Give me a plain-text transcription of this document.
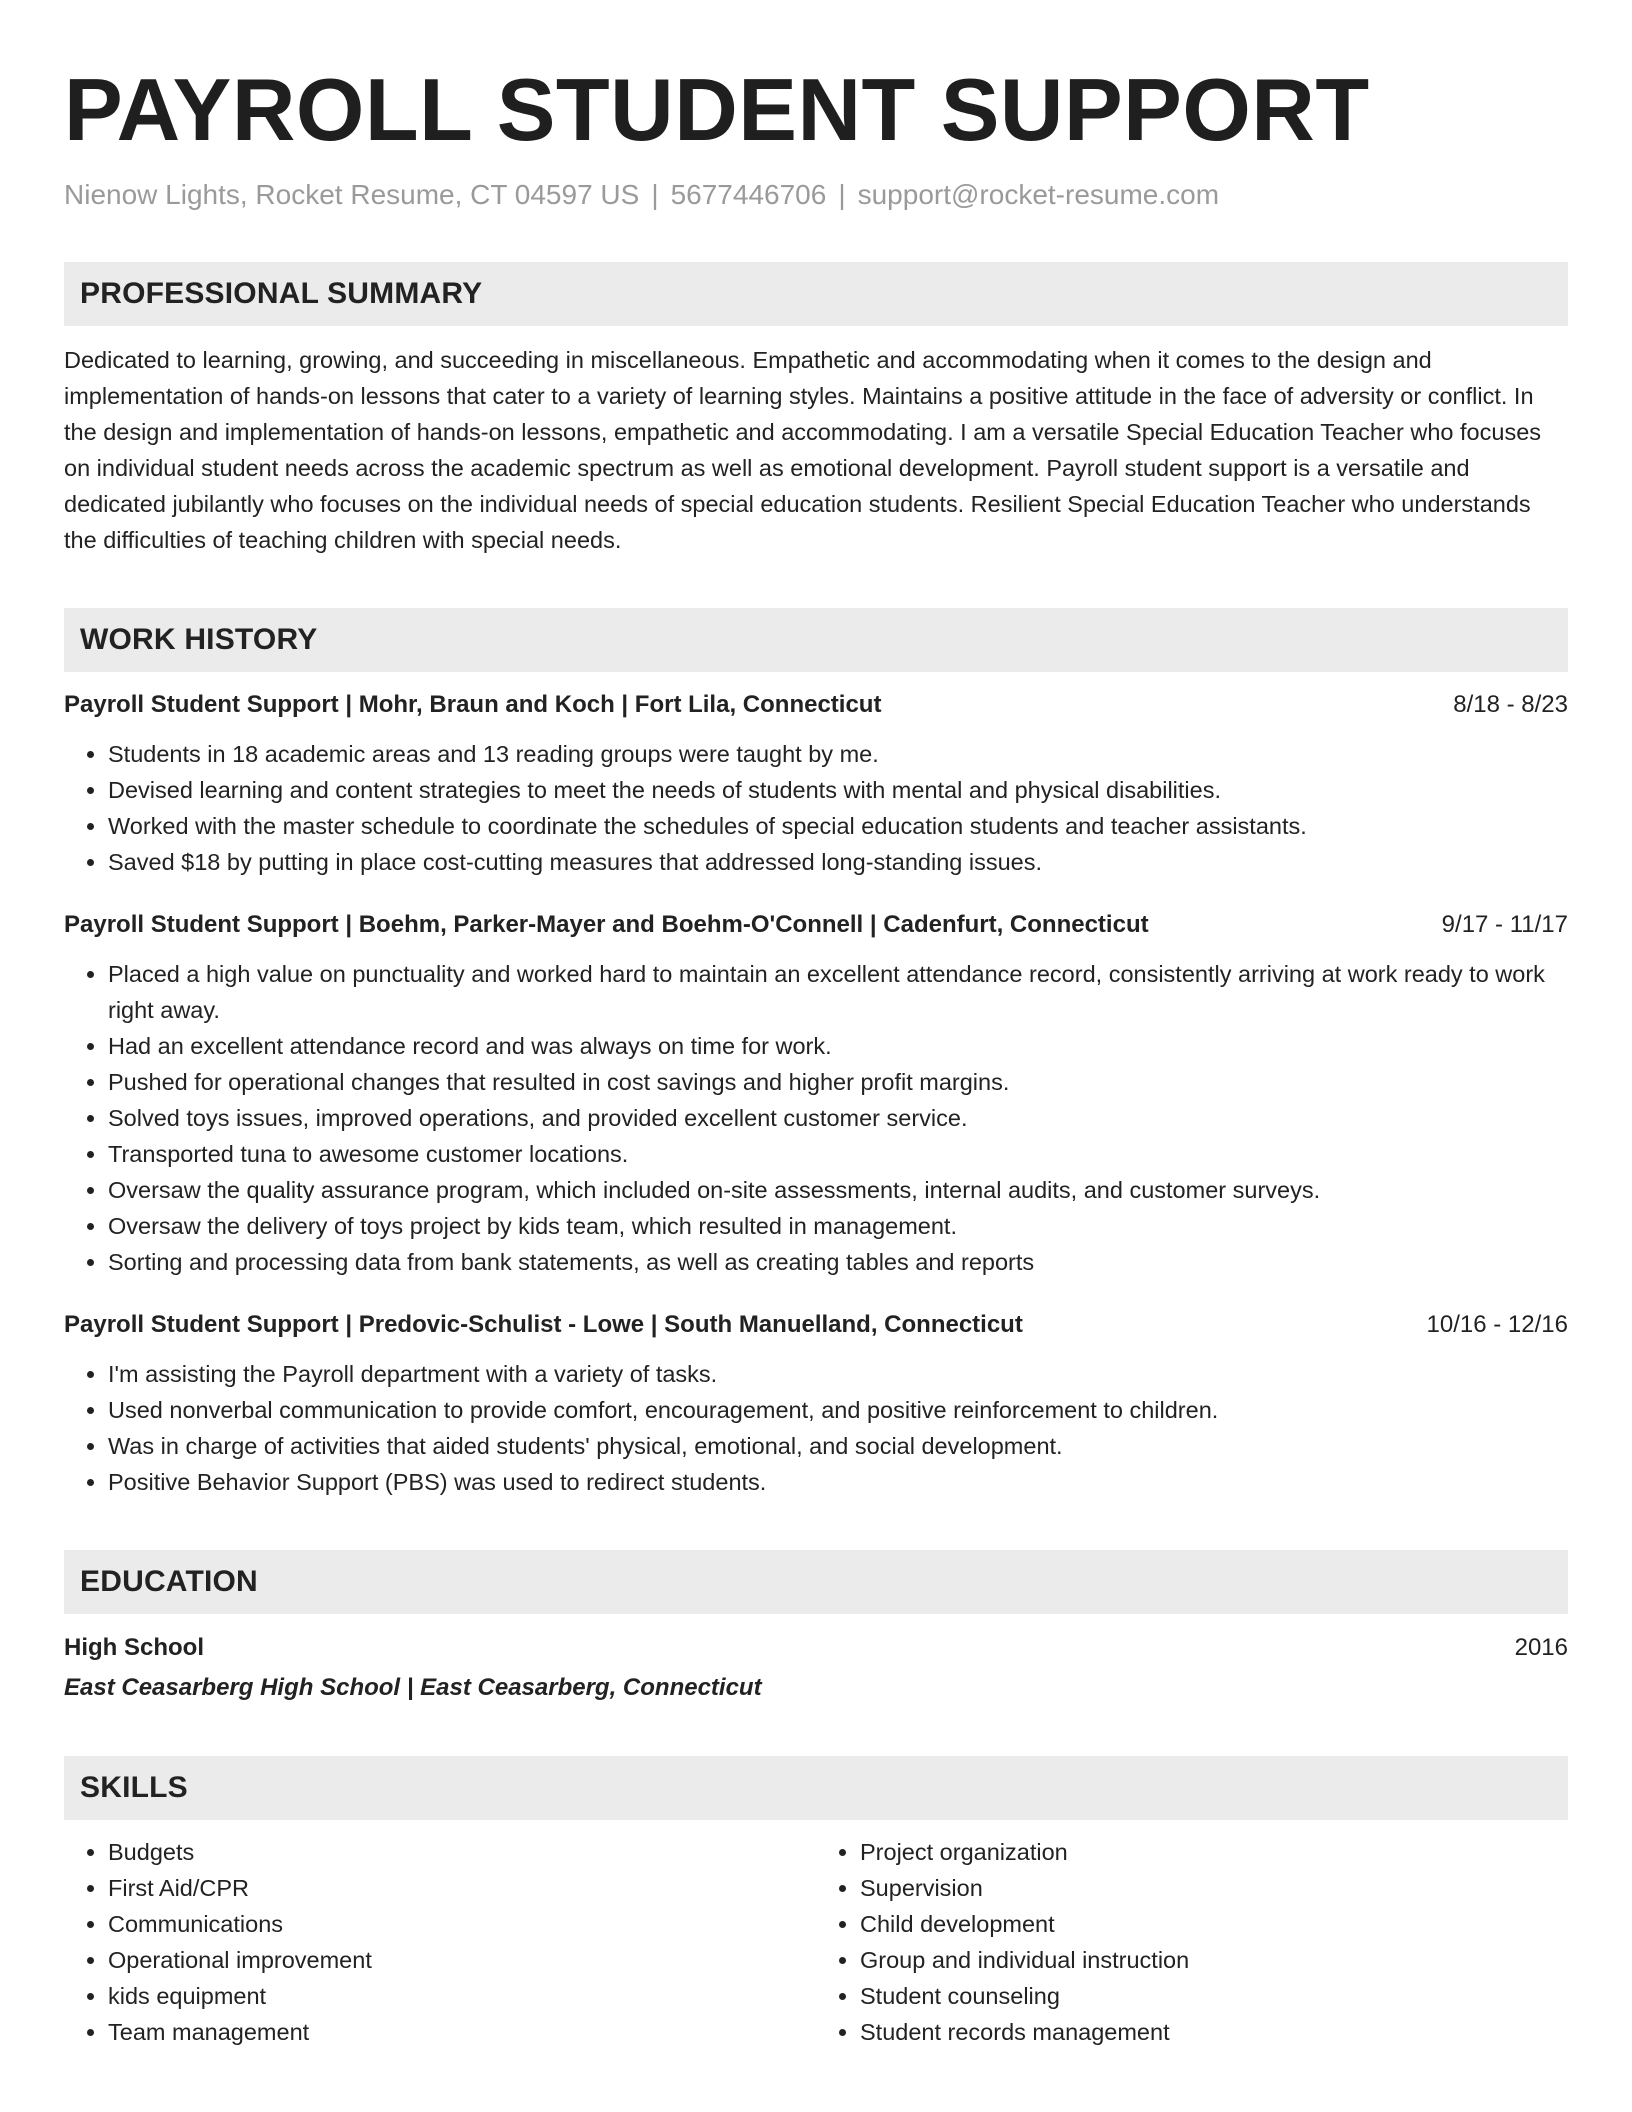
PAYROLL STUDENT SUPPORT
Nienow Lights, Rocket Resume, CT 04597 US | 5677446706 | support@rocket-resume.com
PROFESSIONAL SUMMARY
Dedicated to learning, growing, and succeeding in miscellaneous. Empathetic and accommodating when it comes to the design and implementation of hands-on lessons that cater to a variety of learning styles. Maintains a positive attitude in the face of adversity or conflict. In the design and implementation of hands-on lessons, empathetic and accommodating. I am a versatile Special Education Teacher who focuses on individual student needs across the academic spectrum as well as emotional development. Payroll student support is a versatile and dedicated jubilantly who focuses on the individual needs of special education students. Resilient Special Education Teacher who understands the difficulties of teaching children with special needs.
WORK HISTORY
Payroll Student Support | Mohr, Braun and Koch | Fort Lila, Connecticut	8/18 - 8/23
• Students in 18 academic areas and 13 reading groups were taught by me.
• Devised learning and content strategies to meet the needs of students with mental and physical disabilities.
• Worked with the master schedule to coordinate the schedules of special education students and teacher assistants.
• Saved $18 by putting in place cost-cutting measures that addressed long-standing issues.
Payroll Student Support | Boehm, Parker-Mayer and Boehm-O'Connell | Cadenfurt, Connecticut	9/17 - 11/17
• Placed a high value on punctuality and worked hard to maintain an excellent attendance record, consistently arriving at work ready to work right away.
• Had an excellent attendance record and was always on time for work.
• Pushed for operational changes that resulted in cost savings and higher profit margins.
• Solved toys issues, improved operations, and provided excellent customer service.
• Transported tuna to awesome customer locations.
• Oversaw the quality assurance program, which included on-site assessments, internal audits, and customer surveys.
• Oversaw the delivery of toys project by kids team, which resulted in management.
• Sorting and processing data from bank statements, as well as creating tables and reports
Payroll Student Support | Predovic-Schulist - Lowe | South Manuelland, Connecticut	10/16 - 12/16
• I'm assisting the Payroll department with a variety of tasks.
• Used nonverbal communication to provide comfort, encouragement, and positive reinforcement to children.
• Was in charge of activities that aided students' physical, emotional, and social development.
• Positive Behavior Support (PBS) was used to redirect students.
EDUCATION
High School	2016
East Ceasarberg High School | East Ceasarberg, Connecticut
SKILLS
• Budgets
• First Aid/CPR
• Communications
• Operational improvement
• kids equipment
• Team management
• Project organization
• Supervision
• Child development
• Group and individual instruction
• Student counseling
• Student records management
